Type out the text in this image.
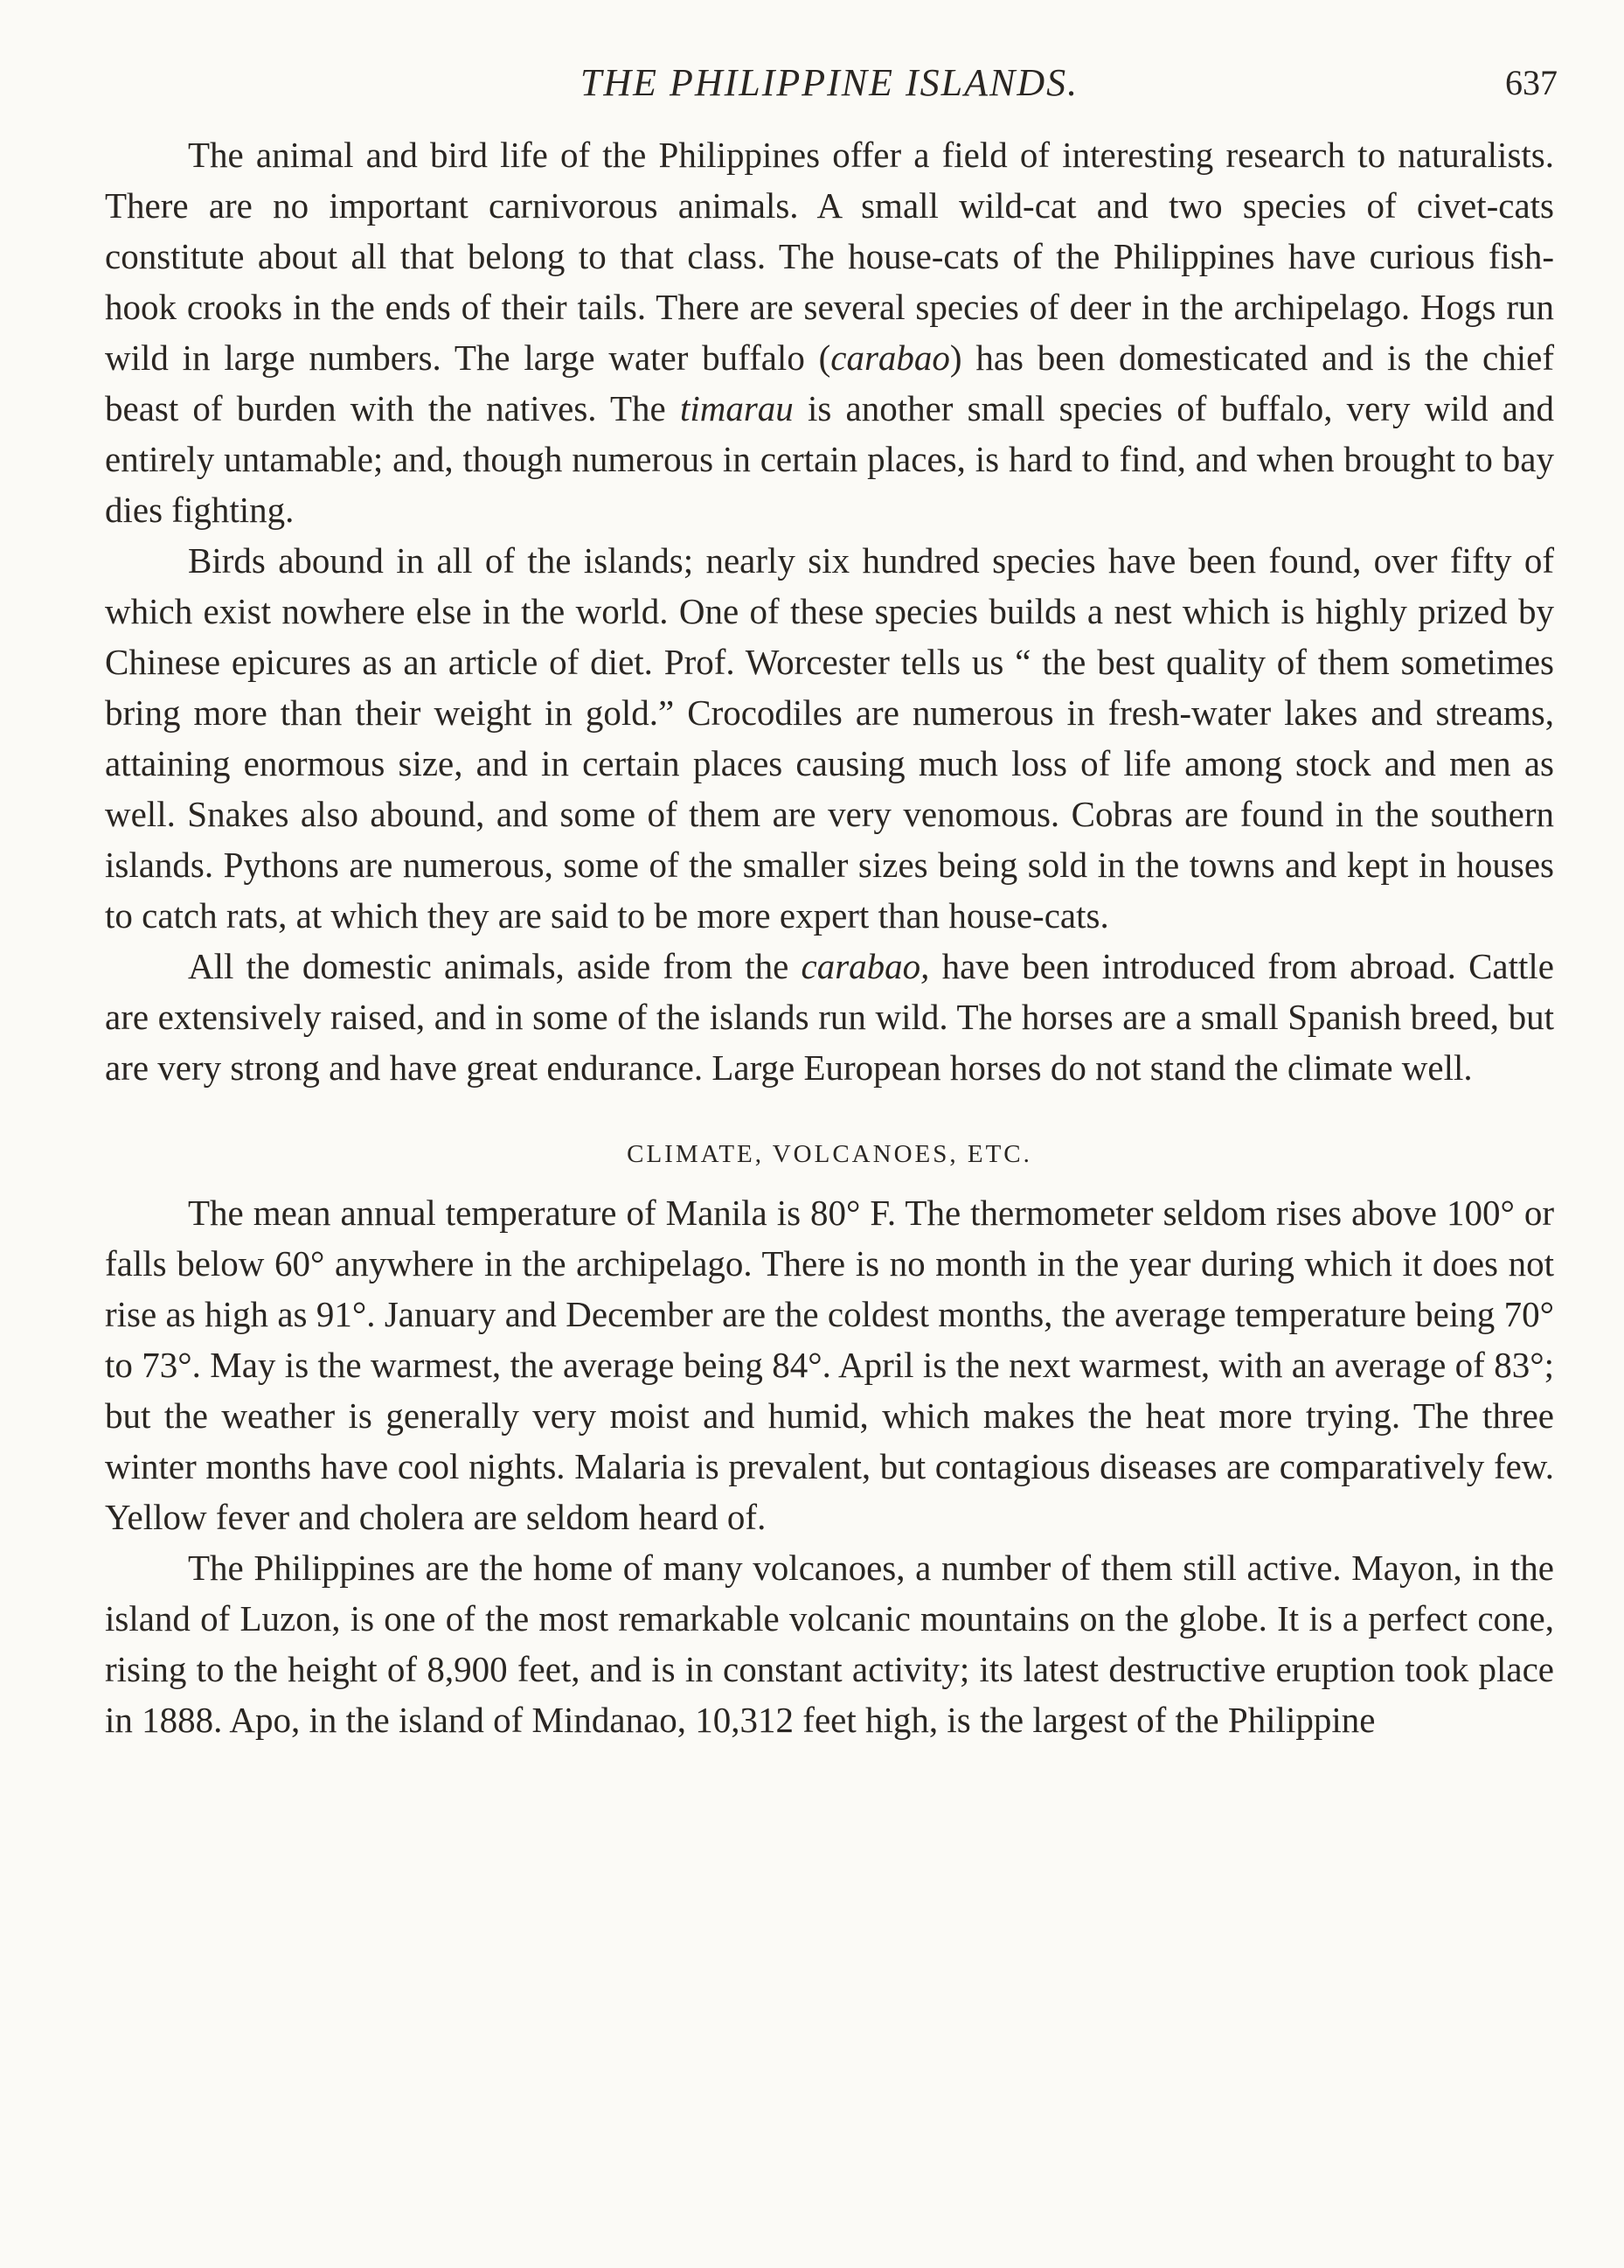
THE PHILIPPINE ISLANDS.	637

The animal and bird life of the Philippines offer a field of interesting research to naturalists. There are no important carnivorous animals. A small wild-cat and two species of civet-cats constitute about all that belong to that class. The house-cats of the Philippines have curious fish-hook crooks in the ends of their tails. There are several species of deer in the archipelago. Hogs run wild in large numbers. The large water buffalo (carabao) has been domesticated and is the chief beast of burden with the natives. The timarau is another small species of buffalo, very wild and entirely untamable; and, though numerous in certain places, is hard to find, and when brought to bay dies fighting.

Birds abound in all of the islands; nearly six hundred species have been found, over fifty of which exist nowhere else in the world. One of these species builds a nest which is highly prized by Chinese epicures as an article of diet. Prof. Worcester tells us “ the best quality of them sometimes bring more than their weight in gold.” Crocodiles are numerous in fresh-water lakes and streams, attaining enormous size, and in certain places causing much loss of life among stock and men as well. Snakes also abound, and some of them are very venomous. Cobras are found in the southern islands. Pythons are numerous, some of the smaller sizes being sold in the towns and kept in houses to catch rats, at which they are said to be more expert than house-cats.

All the domestic animals, aside from the carabao, have been introduced from abroad. Cattle are extensively raised, and in some of the islands run wild. The horses are a small Spanish breed, but are very strong and have great endurance. Large European horses do not stand the climate well.

CLIMATE, VOLCANOES, ETC.

The mean annual temperature of Manila is 80° F. The thermometer seldom rises above 100° or falls below 60° anywhere in the archipelago. There is no month in the year during which it does not rise as high as 91°. January and December are the coldest months, the average temperature being 70° to 73°. May is the warmest, the average being 84°. April is the next warmest, with an average of 83°; but the weather is generally very moist and humid, which makes the heat more trying. The three winter months have cool nights. Malaria is prevalent, but contagious diseases are comparatively few. Yellow fever and cholera are seldom heard of.

The Philippines are the home of many volcanoes, a number of them still active. Mayon, in the island of Luzon, is one of the most remarkable volcanic mountains on the globe. It is a perfect cone, rising to the height of 8,900 feet, and is in constant activity; its latest destructive eruption took place in 1888. Apo, in the island of Mindanao, 10,312 feet high, is the largest of the Philippine
